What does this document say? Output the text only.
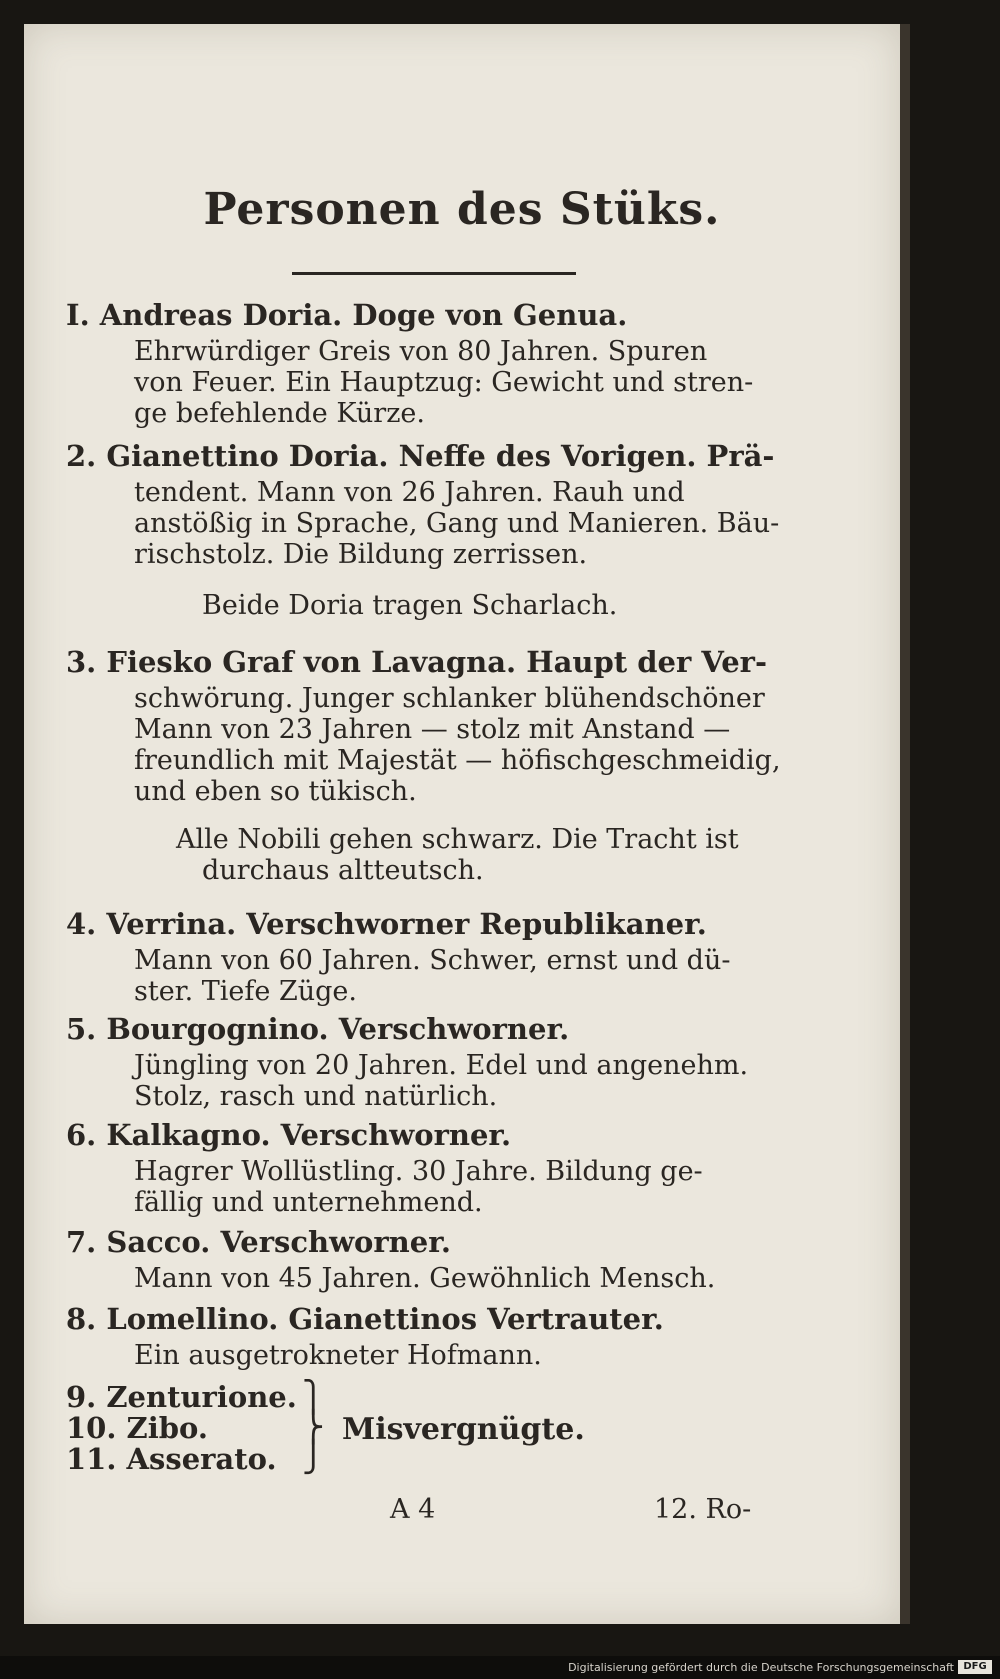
Personen des Stüks.
I. Andreas Doria. Doge von Genua.
Ehrwürdiger Greis von 80 Jahren. Spuren
von Feuer. Ein Hauptzug: Gewicht und stren-
ge befehlende Kürze.
2. Gianettino Doria. Neffe des Vorigen. Prä-
tendent. Mann von 26 Jahren. Rauh und
anstößig in Sprache, Gang und Manieren. Bäu-
rischstolz. Die Bildung zerrissen.
Beide Doria tragen Scharlach.
3. Fiesko Graf von Lavagna. Haupt der Ver-
schwörung. Junger schlanker blühendschöner
Mann von 23 Jahren — stolz mit Anstand —
freundlich mit Majestät — höfischgeschmeidig,
und eben so tükisch.
Alle Nobili gehen schwarz. Die Tracht ist
durchaus altteutsch.
4. Verrina. Verschworner Republikaner.
Mann von 60 Jahren. Schwer, ernst und dü-
ster. Tiefe Züge.
5. Bourgognino. Verschworner.
Jüngling von 20 Jahren. Edel und angenehm.
Stolz, rasch und natürlich.
6. Kalkagno. Verschworner.
Hagrer Wollüstling. 30 Jahre. Bildung ge-
fällig und unternehmend.
7. Sacco. Verschworner.
Mann von 45 Jahren. Gewöhnlich Mensch.
8. Lomellino. Gianettinos Vertrauter.
Ein ausgetrokneter Hofmann.
9. Zenturione.
10. Zibo.
11. Asserato.
⎫
⎬
⎭
Misvergnügte.
A 4	12. Ro-
Digitalisierung gefördert durch die Deutsche Forschungsgemeinschaft DFG
